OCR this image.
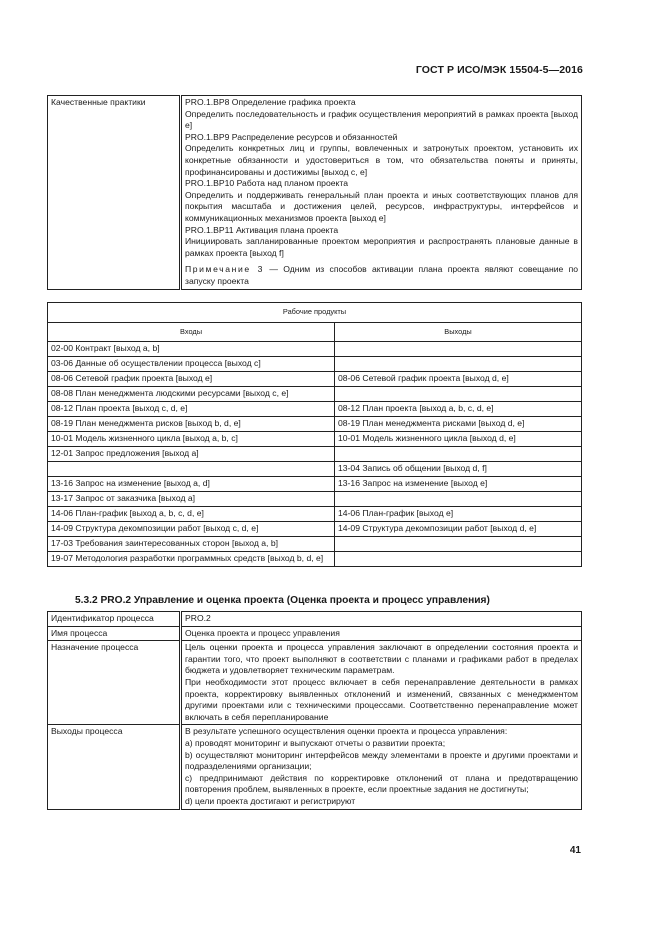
ГОСТ Р ИСО/МЭК 15504-5—2016
Качественные практики	PRO.1.BP8 Определение графика проекта

Определить последовательность и график осуществления мероприятий в рамках проекта [выход е]

PRO.1.BP9 Распределение ресурсов и обязанностей

Определить конкретных лиц и группы, вовлеченных и затронутых проектом, установить их конкретные обязанности и удостовериться в том, что обязательства поняты и приняты, профинансированы и достижимы [выход с, е]

PRO.1.BP10 Работа над планом проекта

Определить и поддерживать генеральный план проекта и иных соответствующих планов для покрытия масштаба и достижения целей, ресурсов, инфраструктуры, интерфейсов и коммуникационных механизмов проекта [выход е]

PRO.1.BP11 Активация плана проекта

Инициировать запланированные проектом мероприятия и распространять плановые данные в рамках проекта [выход f]

Примечание 3 — Одним из способов активации плана проекта являют совещание по запуску проекта

Рабочие продукты	
Входы	Выходы
02-00 Контракт [выход а, b]	
03-06 Данные об осуществлении процесса [выход с]	
08-06 Сетевой график проекта [выход е]	08-06 Сетевой график проекта [выход d, е]
08-08 План менеджмента людскими ресурсами [выход с, е]	
08-12 План проекта [выход с, d, е]	08-12 План проекта [выход а, b, с, d, е]
08-19 План менеджмента рисков [выход b, d, е]	08-19 План менеджмента рисками [выход d, е]
10-01 Модель жизненного цикла [выход а, b, с]	10-01 Модель жизненного цикла [выход d, е]
12-01 Запрос предложения [выход а]	
	13-04 Запись об общении [выход d, f]
13-16 Запрос на изменение [выход а, d]	13-16 Запрос на изменение [выход е]
13-17 Запрос от заказчика [выход а]	
14-06 План-график [выход а, b, с, d, е]	14-06 План-график [выход е]
14-09 Структура декомпозиции работ [выход с, d, е]	14-09 Структура декомпозиции работ [выход d, е]
17-03 Требования заинтересованных сторон [выход а, b]	
19-07 Методология разработки программных средств [выход b, d, е]	
5.3.2 PRO.2 Управление и оценка проекта (Оценка проекта и процесс управления)
Идентификатор процесса	PRO.2
Имя процесса	Оценка проекта и процесс управления
Назначение процесса	Цель оценки проекта и процесса управления заключают в определении состояния проекта и гарантии того, что проект выполняют в соответствии с планами и графиками работ в пределах бюджета и удовлетворяет техническим параметрам.

При необходимости этот процесс включает в себя перенаправление деятельности в рамках проекта, корректировку выявленных отклонений и изменений, связанных с менеджментом другими проектами или с техническими процессами. Соответственно перенаправление может включать в себя перепланирование

Выходы процесса	В результате успешного осуществления оценки проекта и процесса управления:

а) проводят мониторинг и выпускают отчеты о развитии проекта;

b) осуществляют мониторинг интерфейсов между элементами в проекте и другими проектами и подразделениями организации;

с) предпринимают действия по корректировке отклонений от плана и предотвращению повторения проблем, выявленных в проекте, если проектные задания не достигнуты;

d) цели проекта достигают и регистрируют

41
